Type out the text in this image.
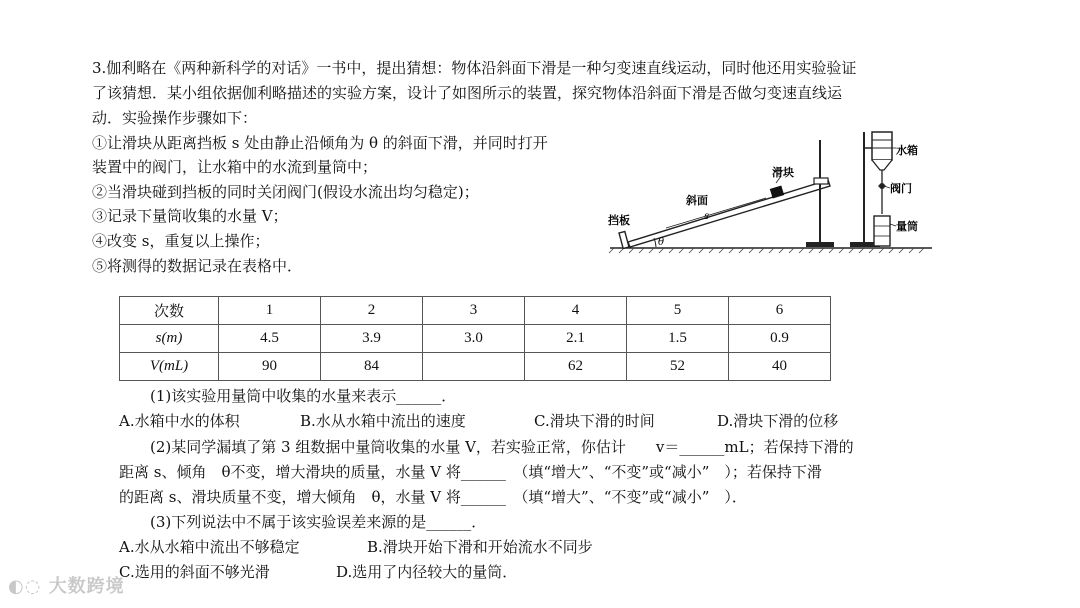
3.伽利略在《两种新科学的对话》一书中，提出猜想：物体沿斜面下滑是一种匀变速直线运动，同时他还用实验验证
了该猜想．某小组依据伽利略描述的实验方案，设计了如图所示的装置，探究物体沿斜面下滑是否做匀变速直线运
动．实验操作步骤如下：
①让滑块从距离挡板 s 处由静止沿倾角为 θ 的斜面下滑，并同时打开
装置中的阀门，让水箱中的水流到量筒中；
②当滑块碰到挡板的同时关闭阀门(假设水流出均匀稳定)；
③记录下量筒收集的水量 V；
④改变 s，重复以上操作；
⑤将测得的数据记录在表格中．
水箱
阀门
量筒
滑块
斜面
挡板	s
θ
次数	1	2	3	4	5	6
s(m)	4.5	3.9	3.0	2.1	1.5	0.9
V(mL)	90	84		62	52	40
(1)该实验用量筒中收集的水量来表示______．
A.水箱中水的体积	B.水从水箱中流出的速度	C.滑块下滑的时间	D.滑块下滑的位移
(2)某同学漏填了第 3 组数据中量筒收集的水量 V，若实验正常，你估计　　v＝______mL；若保持下滑的
距离 s、倾角　θ不变，增大滑块的质量，水量 V 将______　（填“增大”、“不变”或“减小”　）；若保持下滑
的距离 s、滑块质量不变，增大倾角　θ，水量 V 将______　（填“增大”、“不变”或“减小”　）．
(3)下列说法中不属于该实验误差来源的是______．
A.水从水箱中流出不够稳定	B.滑块开始下滑和开始流水不同步
C.选用的斜面不够光滑	D.选用了内径较大的量筒．
◐◌ 大数跨境
